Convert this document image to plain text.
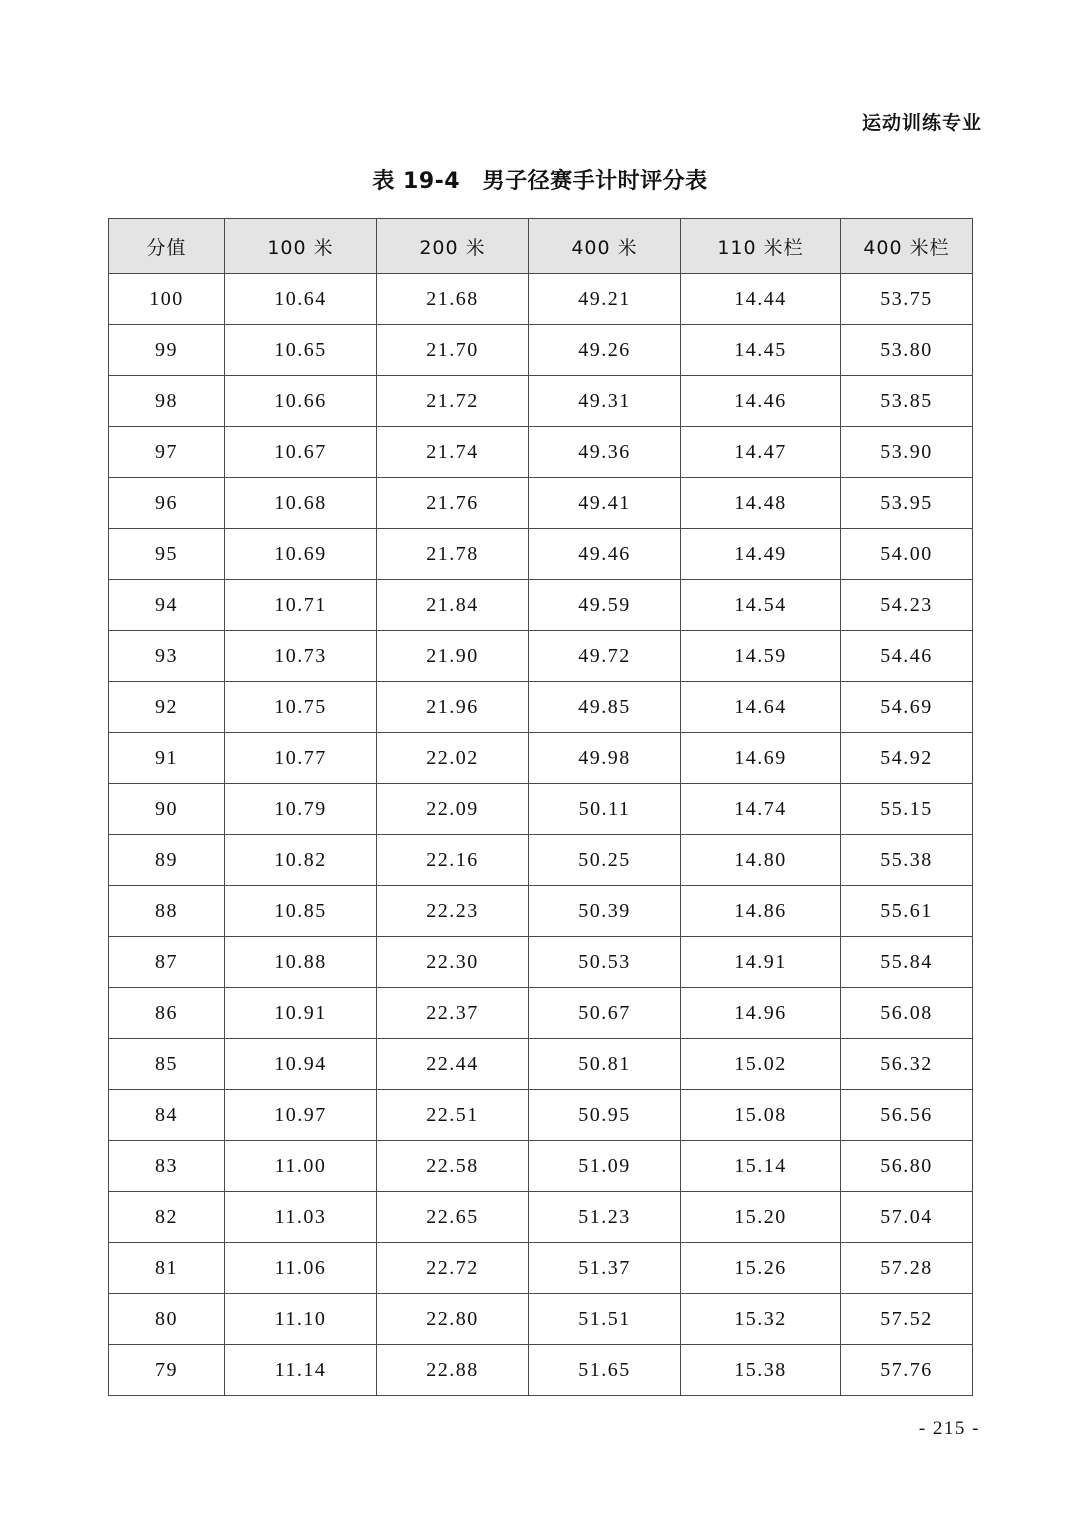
运动训练专业
表 19-4　男子径赛手计时评分表
分值	100 米	200 米	400 米	110 米栏	400 米栏
100	10.64	21.68	49.21	14.44	53.75
99	10.65	21.70	49.26	14.45	53.80
98	10.66	21.72	49.31	14.46	53.85
97	10.67	21.74	49.36	14.47	53.90
96	10.68	21.76	49.41	14.48	53.95
95	10.69	21.78	49.46	14.49	54.00
94	10.71	21.84	49.59	14.54	54.23
93	10.73	21.90	49.72	14.59	54.46
92	10.75	21.96	49.85	14.64	54.69
91	10.77	22.02	49.98	14.69	54.92
90	10.79	22.09	50.11	14.74	55.15
89	10.82	22.16	50.25	14.80	55.38
88	10.85	22.23	50.39	14.86	55.61
87	10.88	22.30	50.53	14.91	55.84
86	10.91	22.37	50.67	14.96	56.08
85	10.94	22.44	50.81	15.02	56.32
84	10.97	22.51	50.95	15.08	56.56
83	11.00	22.58	51.09	15.14	56.80
82	11.03	22.65	51.23	15.20	57.04
81	11.06	22.72	51.37	15.26	57.28
80	11.10	22.80	51.51	15.32	57.52
79	11.14	22.88	51.65	15.38	57.76
- 215 -
